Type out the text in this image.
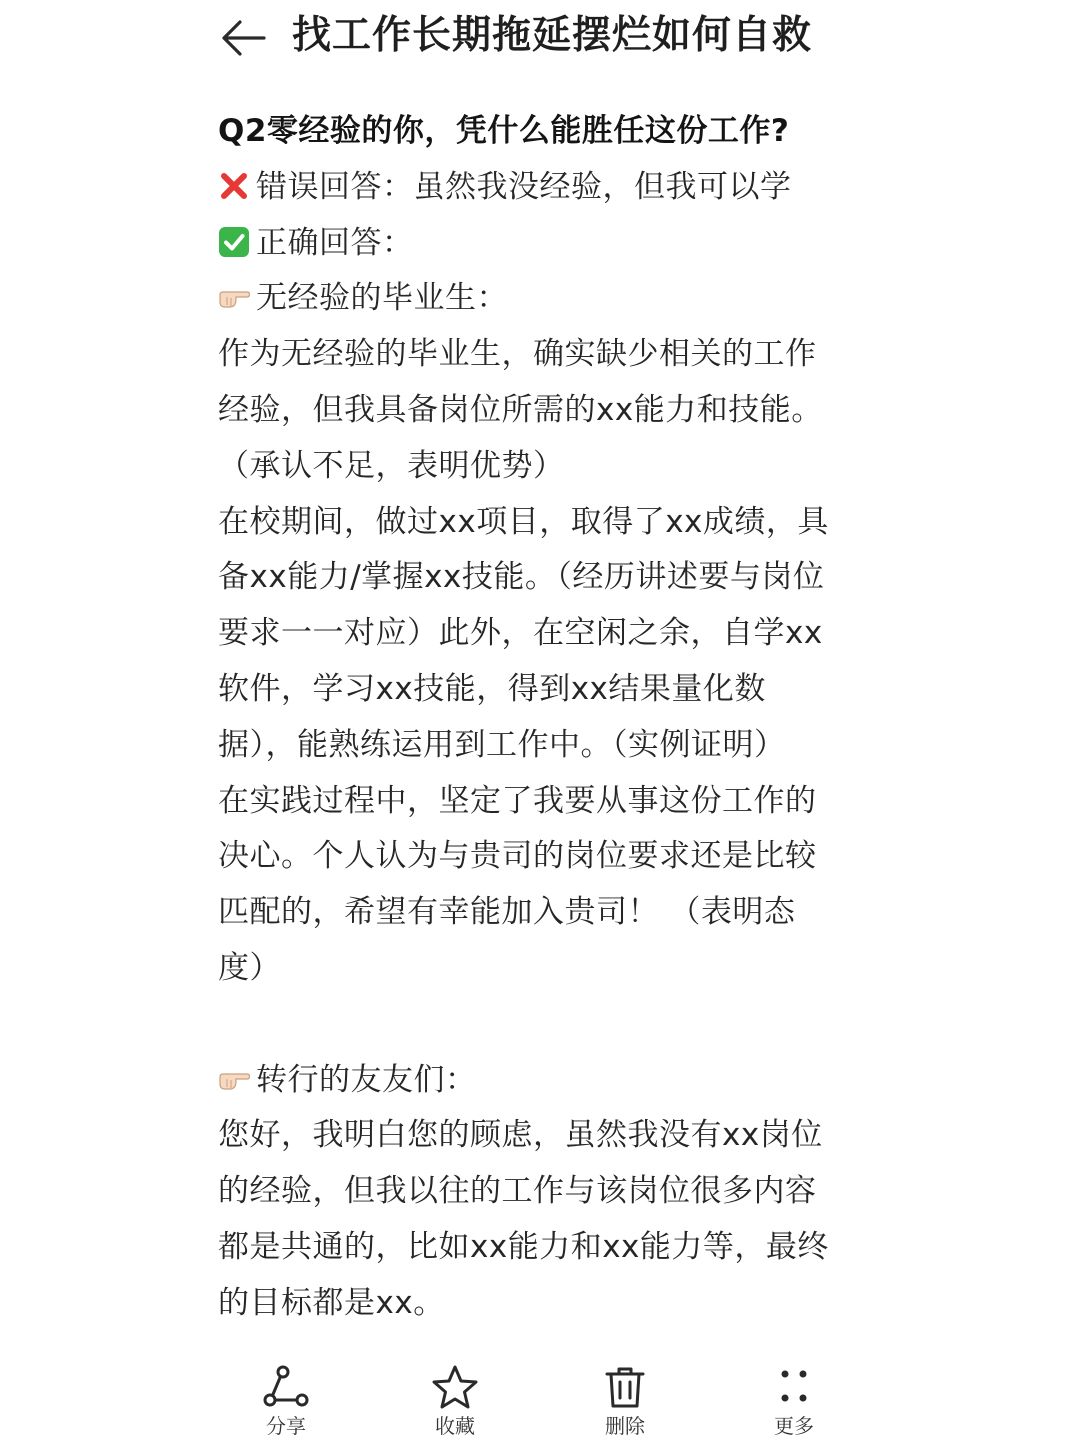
找工作长期拖延摆烂如何自救
Q2零经验的你，凭什么能胜任这份工作?
错误回答：虽然我没经验，但我可以学
正确回答：
无经验的毕业生：
作为无经验的毕业生，确实缺少相关的工作
经验，但我具备岗位所需的xx能力和技能。
（承认不足，表明优势）
在校期间，做过xx项目，取得了xx成绩，具
备xx能力/掌握xx技能。（经历讲述要与岗位
要求一一对应）此外，在空闲之余，自学xx
软件，学习xx技能，得到xx结果量化数
据），能熟练运用到工作中。（实例证明）
在实践过程中，坚定了我要从事这份工作的
决心。个人认为与贵司的岗位要求还是比较
匹配的，希望有幸能加入贵司！ （表明态
度）
转行的友友们：
您好，我明白您的顾虑，虽然我没有xx岗位
的经验，但我以往的工作与该岗位很多内容
都是共通的，比如xx能力和xx能力等，最终
的目标都是xx。
分享	收藏	删除	更多
